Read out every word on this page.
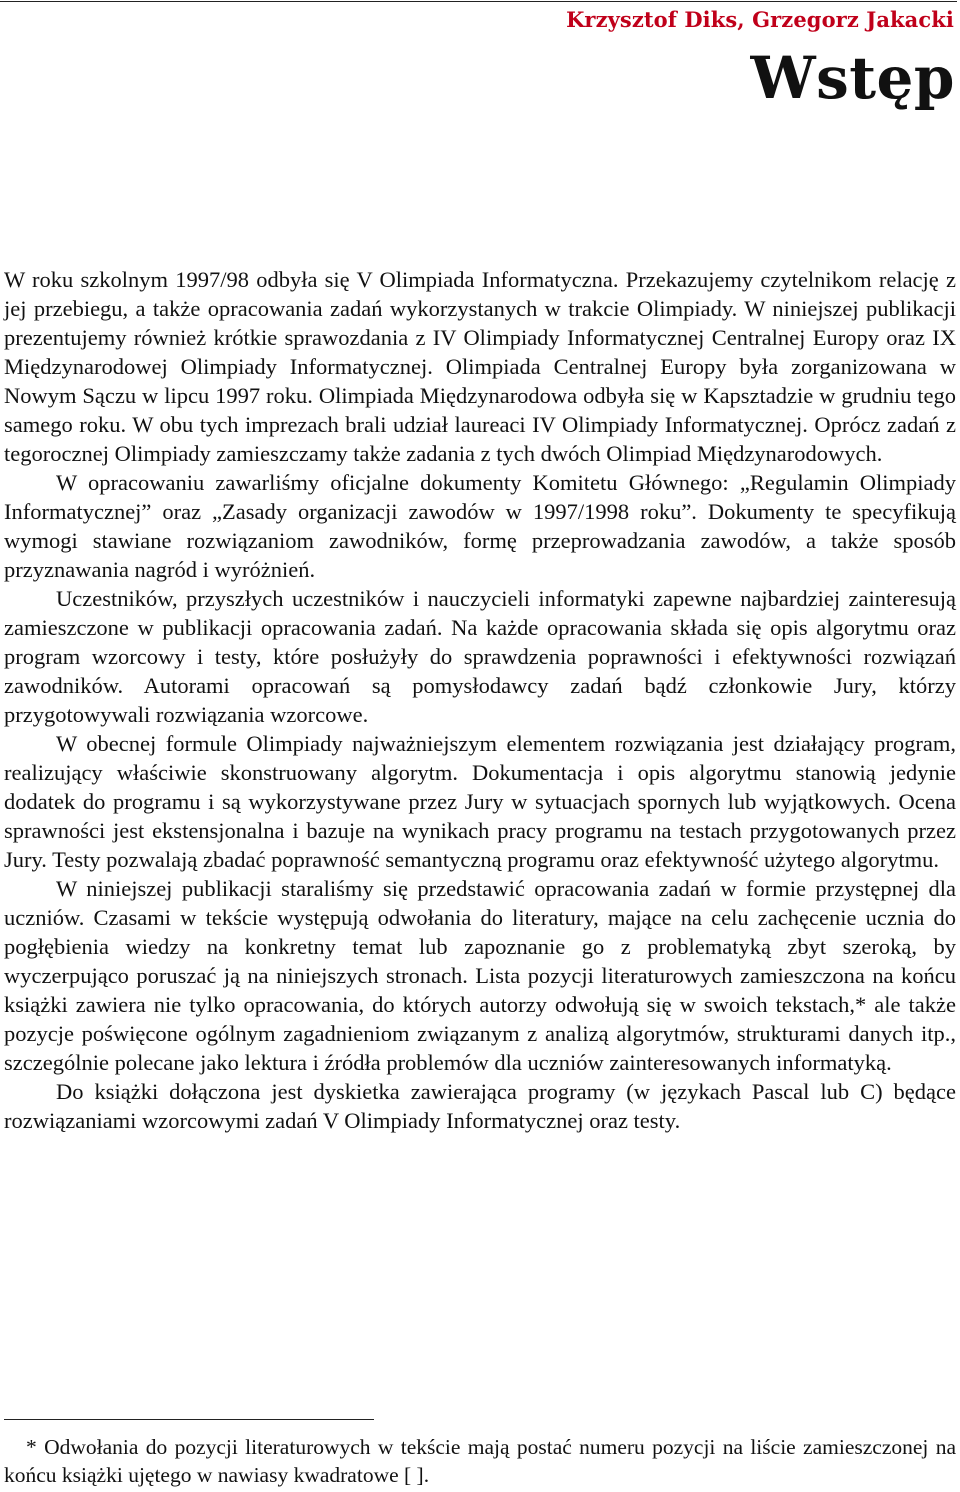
Krzysztof Diks, Grzegorz Jakacki
Wstęp

W roku szkolnym 1997/98 odbyła się V Olimpiada Informatyczna. Przekazujemy czytelnikom relację z jej przebiegu, a także opracowania zadań wykorzystanych w trakcie Olimpiady. W niniejszej publikacji prezentujemy również krótkie sprawozdania z IV Olimpiady Informatycznej Centralnej Europy oraz IX Międzynarodowej Olimpiady Informatycznej. Olimpiada Centralnej Europy była zorganizowana w Nowym Sączu w lipcu 1997 roku. Olimpiada Międzynarodowa odbyła się w Kapsztadzie w grudniu tego samego roku. W obu tych imprezach brali udział laureaci IV Olimpiady Informatycznej. Oprócz zadań z tegorocznej Olimpiady zamieszczamy także zadania z tych dwóch Olimpiad Międzynarodowych.

W opracowaniu zawarliśmy oficjalne dokumenty Komitetu Głównego: „Regulamin Olimpiady Informatycznej” oraz „Zasady organizacji zawodów w 1997/1998 roku”. Dokumenty te specyfikują wymogi stawiane rozwiązaniom zawodników, formę przeprowadzania zawodów, a także sposób przyznawania nagród i wyróżnień.

Uczestników, przyszłych uczestników i nauczycieli informatyki zapewne najbardziej zainteresują zamieszczone w publikacji opracowania zadań. Na każde opracowania składa się opis algorytmu oraz program wzorcowy i testy, które posłużyły do sprawdzenia poprawności i efektywności rozwiązań zawodników. Autorami opracowań są pomysłodawcy zadań bądź członkowie Jury, którzy przygotowywali rozwiązania wzorcowe.

W obecnej formule Olimpiady najważniejszym elementem rozwiązania jest działający program, realizujący właściwie skonstruowany algorytm. Dokumentacja i opis algorytmu stanowią jedynie dodatek do programu i są wykorzystywane przez Jury w sytuacjach spornych lub wyjątkowych. Ocena sprawności jest ekstensjonalna i bazuje na wynikach pracy programu na testach przygotowanych przez Jury. Testy pozwalają zbadać poprawność semantyczną programu oraz efektywność użytego algorytmu.

W niniejszej publikacji staraliśmy się przedstawić opracowania zadań w formie przystępnej dla uczniów. Czasami w tekście występują odwołania do literatury, mające na celu zachęcenie ucznia do pogłębienia wiedzy na konkretny temat lub zapoznanie go z problematyką zbyt szeroką, by wyczerpująco poruszać ją na niniejszych stronach. Lista pozycji literaturowych zamieszczona na końcu książki zawiera nie tylko opracowania, do których autorzy odwołują się w swoich tekstach,* ale także pozycje poświęcone ogólnym zagadnieniom związanym z analizą algorytmów, strukturami danych itp., szczególnie polecane jako lektura i źródła problemów dla uczniów zainteresowanych informatyką.

Do książki dołączona jest dyskietka zawierająca programy (w językach Pascal lub C) będące rozwiązaniami wzorcowymi zadań V Olimpiady Informatycznej oraz testy.

* Odwołania do pozycji literaturowych w tekście mają postać numeru pozycji na liście zamieszczonej na końcu książki ujętego w nawiasy kwadratowe [ ].
